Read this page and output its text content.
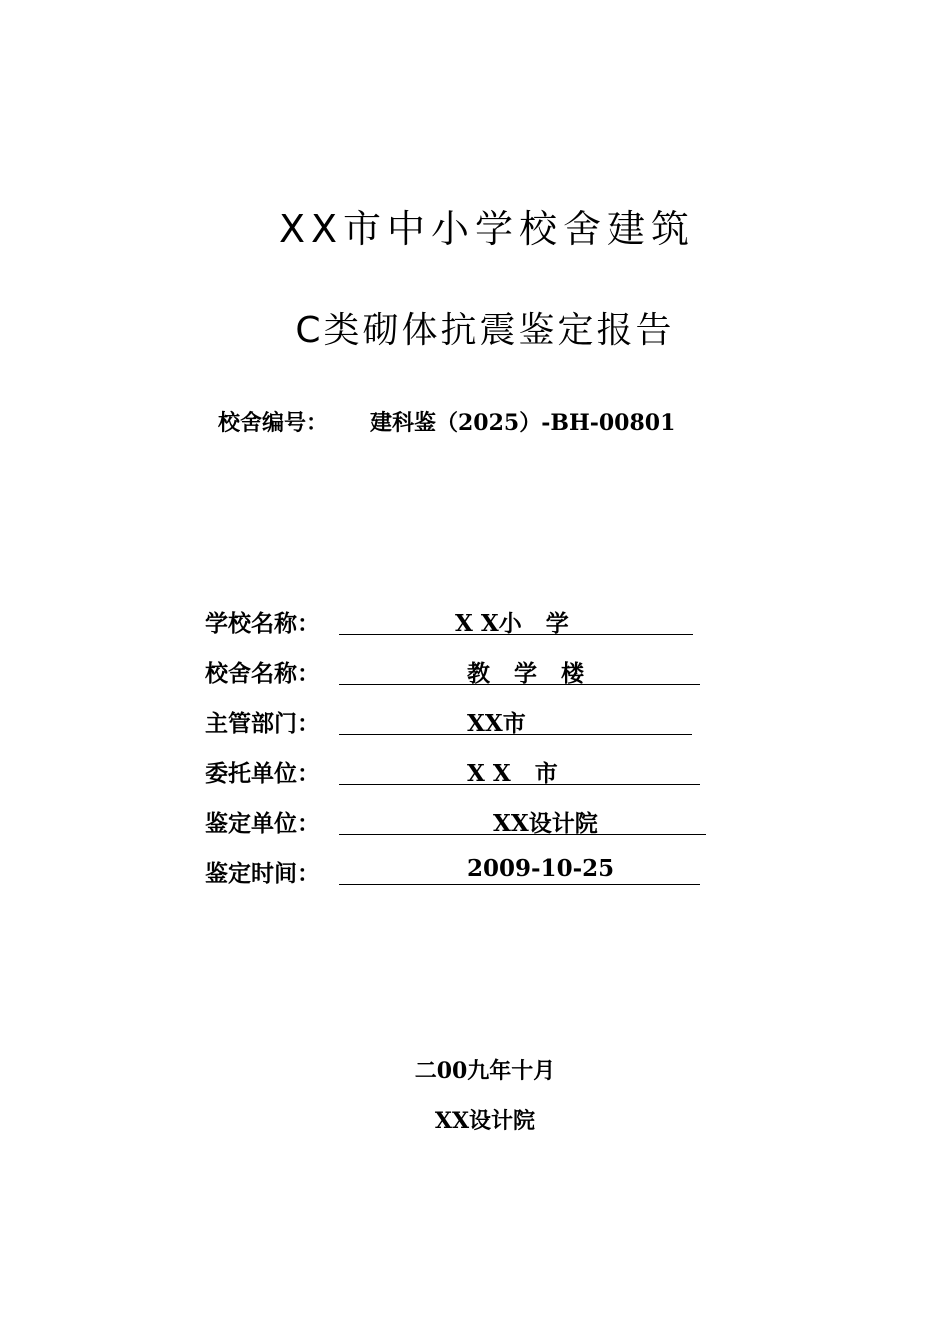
XX市中小学校舍建筑
C类砌体抗震鉴定报告
校舍编号： 建科鉴（2025）-BH-00801
学校名称：	X X小   学
校舍名称：	教   学   楼
主管部门：	XX市
委托单位：	X X   市
鉴定单位：	XX设计院
鉴定时间：	2009-10-25
二00九年十月
XX设计院
